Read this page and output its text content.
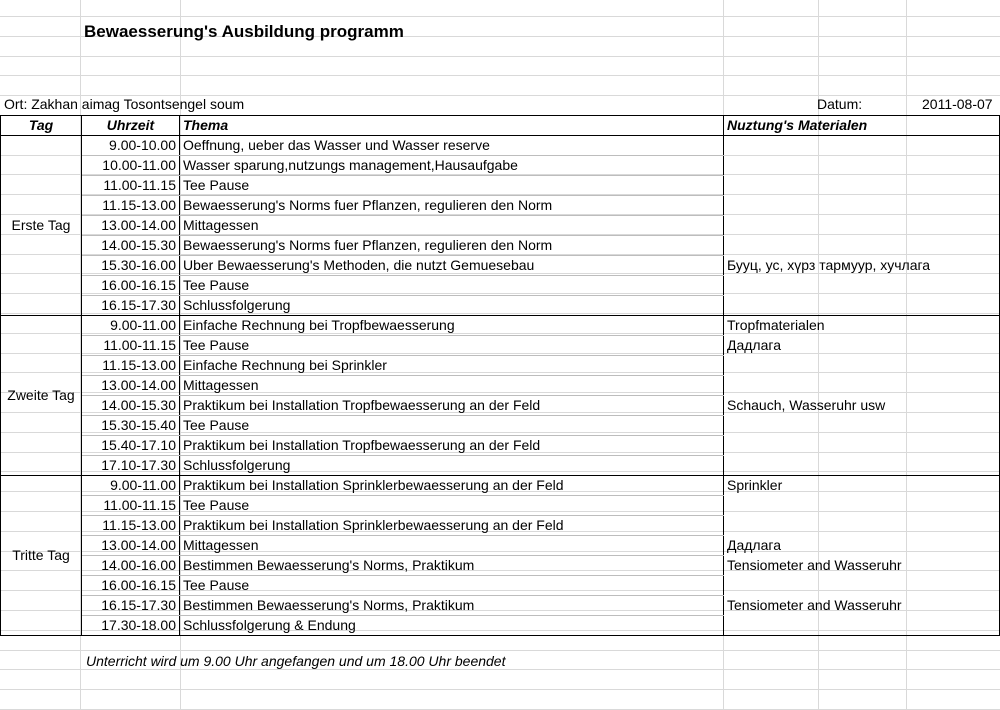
Bewaesserung's Ausbildung programm
Ort: Zakhan aimag Tosontsengel soum	Datum:	2011-08-07
Tag	Uhrzeit	Thema	Nuztung's Materialen
Erste Tag	9.00-10.00	Oeffnung, ueber das Wasser und Wasser reserve	
	10.00-11.00	Wasser sparung,nutzungs management,Hausaufgabe	
	11.00-11.15	Tee Pause	
	11.15-13.00	Bewaesserung's Norms fuer Pflanzen, regulieren den Norm	
	13.00-14.00	Mittagessen	
	14.00-15.30	Bewaesserung's Norms fuer Pflanzen, regulieren den Norm	
	15.30-16.00	Uber Bewaesserung's Methoden, die nutzt Gemuesebau	Бууц, ус, хүрз тармуур, хучлага
	16.00-16.15	Tee Pause	
	16.15-17.30	Schlussfolgerung	
Zweite Tag	9.00-11.00	Einfache Rechnung bei Tropfbewaesserung	Tropfmaterialen
	11.00-11.15	Tee Pause	Дадлага
	11.15-13.00	Einfache Rechnung bei Sprinkler	
	13.00-14.00	Mittagessen	
	14.00-15.30	Praktikum bei Installation Tropfbewaesserung an der Feld	Schauch, Wasseruhr usw
	15.30-15.40	Tee Pause	
	15.40-17.10	Praktikum bei Installation Tropfbewaesserung an der Feld	
	17.10-17.30	Schlussfolgerung	
Tritte Tag	9.00-11.00	Praktikum bei Installation Sprinklerbewaesserung an der Feld	Sprinkler
	11.00-11.15	Tee Pause	
	11.15-13.00	Praktikum bei Installation Sprinklerbewaesserung an der Feld	
	13.00-14.00	Mittagessen	Дадлага
	14.00-16.00	Bestimmen Bewaesserung's Norms, Praktikum	Tensiometer and Wasseruhr
	16.00-16.15	Tee Pause	
	16.15-17.30	Bestimmen Bewaesserung's Norms, Praktikum	Tensiometer and Wasseruhr
	17.30-18.00	Schlussfolgerung & Endung	
Unterricht wird um 9.00 Uhr angefangen und um 18.00 Uhr beendet
